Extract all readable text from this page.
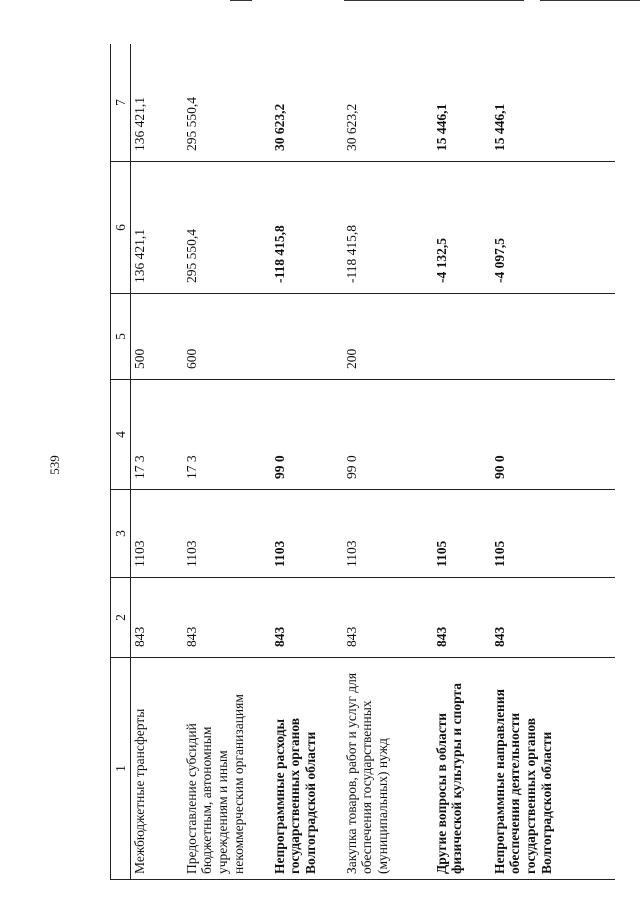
539
1	2	3	4	5	6	7
Межбюджетные трансферты	843	1103	17 3	500	136 421,1	136 421,1
Предоставление субсидий бюджетным, автономным учреждениям и иным некоммерческим организациям	843	1103	17 3	600	295 550,4	295 550,4
Непрограммные расходы государственных органов Волгоградской области	843	1103	99 0		-118 415,8	30 623,2
Закупка товаров, работ и услуг для обеспечения государственных (муниципальных) нужд	843	1103	99 0	200	-118 415,8	30 623,2
Другие вопросы в области физической культуры и спорта	843	1105			-4 132,5	15 446,1
Непрограммные направления обеспечения деятельности государственных органов Волгоградской области	843	1105	90 0		-4 097,5	15 446,1
